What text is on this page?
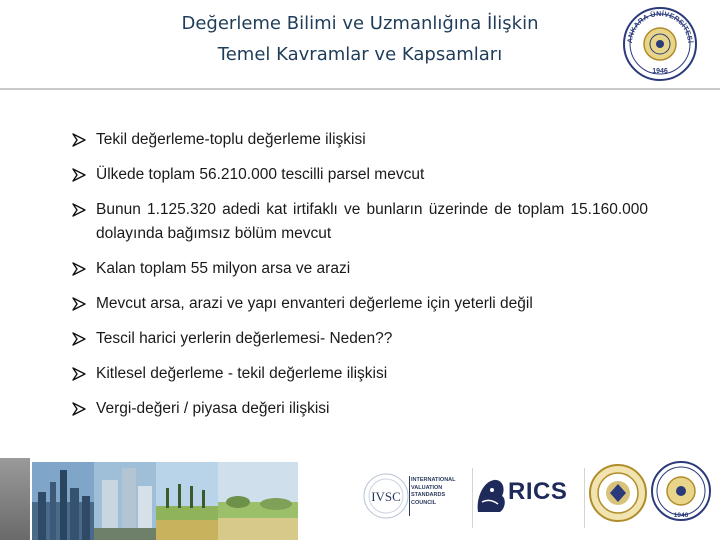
Değerleme Bilimi ve Uzmanlığına İlişkin
Temel Kavramlar ve Kapsamları
ANKARA ÜNİVERSİTESİ
1946
Tekil değerleme-toplu değerleme ilişkisi
Ülkede toplam 56.210.000 tescilli parsel mevcut
Bunun 1.125.320 adedi kat irtifaklı ve bunların üzerinde de toplam 15.160.000 dolayında bağımsız bölüm mevcut
Kalan toplam 55 milyon arsa ve arazi
Mevcut arsa, arazi ve yapı envanteri değerleme için yeterli değil
Tescil harici yerlerin değerlemesi- Neden??
Kitlesel değerleme - tekil değerleme ilişkisi
Vergi-değeri / piyasa değeri ilişkisi
IVSC
INTERNATIONAL
VALUATION
STANDARDS
COUNCIL	RICS
1946
